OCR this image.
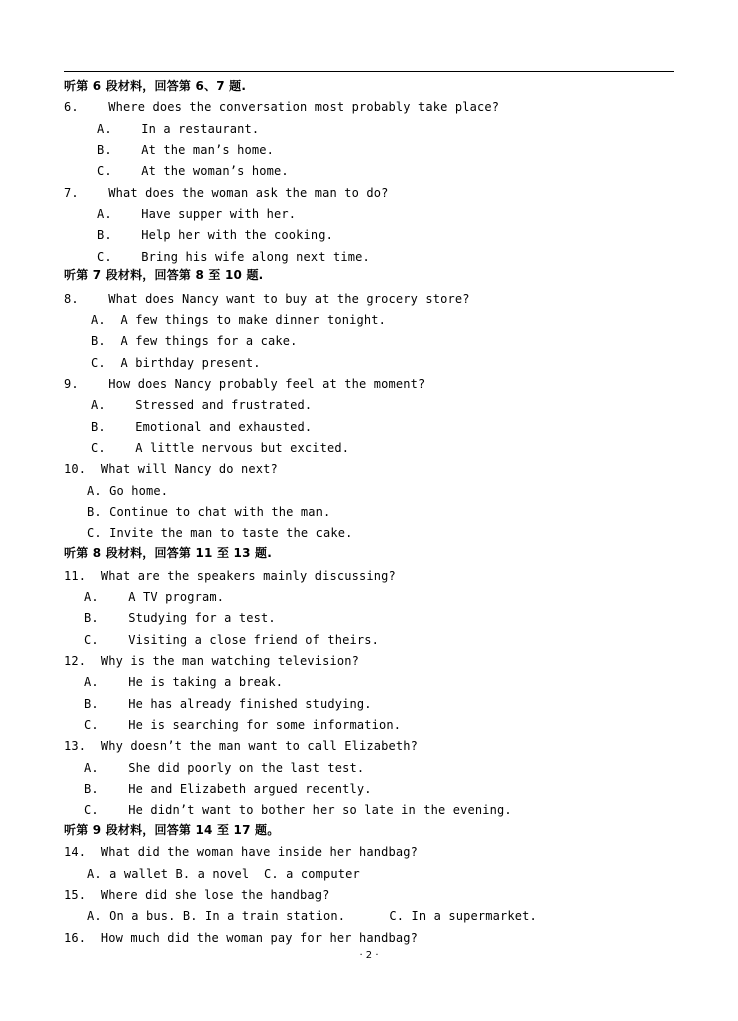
听第 6 段材料，回答第 6、7 题.
6.    Where does the conversation most probably take place?
A.    In a restaurant.
B.    At the man’s home.
C.    At the woman’s home.
7.    What does the woman ask the man to do?
A.    Have supper with her.
B.    Help her with the cooking.
C.    Bring his wife along next time.
听第 7 段材料，回答第 8 至 10 题.
8.    What does Nancy want to buy at the grocery store?
A.  A few things to make dinner tonight.
B.  A few things for a cake.
C.  A birthday present.
9.    How does Nancy probably feel at the moment?
A.    Stressed and frustrated.
B.    Emotional and exhausted.
C.    A little nervous but excited.
10.  What will Nancy do next?
A. Go home.
B. Continue to chat with the man.
C. Invite the man to taste the cake.
听第 8 段材料，回答第 11 至 13 题.
11.  What are the speakers mainly discussing?
A.    A TV program.
B.    Studying for a test.
C.    Visiting a close friend of theirs.
12.  Why is the man watching television?
A.    He is taking a break.
B.    He has already finished studying.
C.    He is searching for some information.
13.  Why doesn’t the man want to call Elizabeth?
A.    She did poorly on the last test.
B.    He and Elizabeth argued recently.
C.    He didn’t want to bother her so late in the evening.
听第 9 段材料，回答第 14 至 17 题。
14.  What did the woman have inside her handbag?
A. a wallet B. a novel  C. a computer
15.  Where did she lose the handbag?
A. On a bus. B. In a train station.      C. In a supermarket.
16.  How much did the woman pay for her handbag?
· 2 ·
